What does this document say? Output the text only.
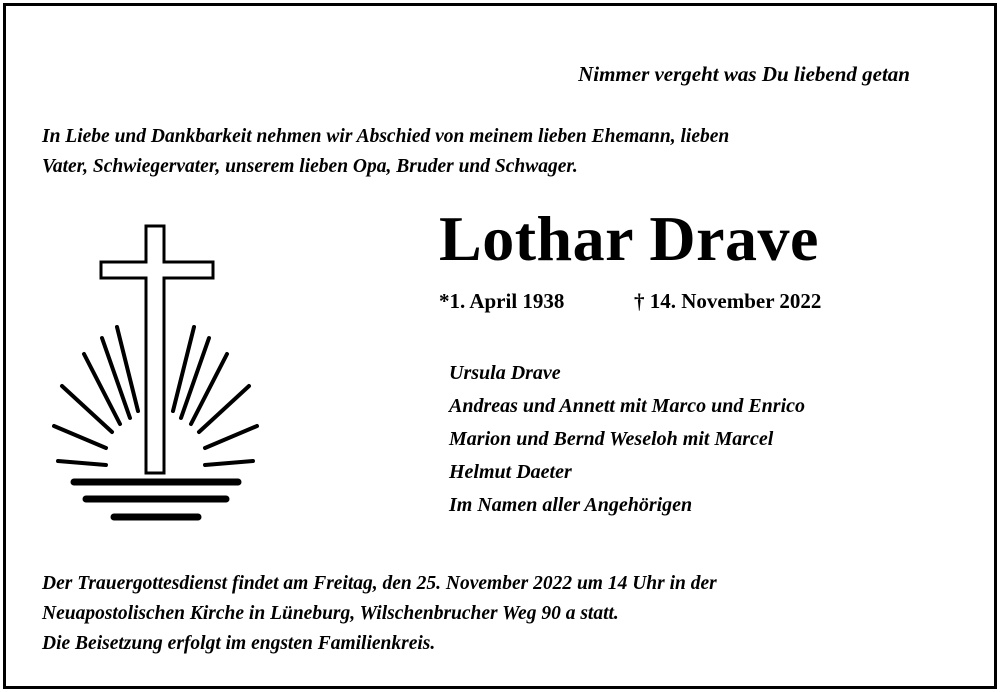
Nimmer vergeht was Du liebend getan
In Liebe und Dankbarkeit nehmen wir Abschied von meinem lieben Ehemann, lieben
Vater, Schwiegervater, unserem lieben Opa, Bruder und Schwager.
Lothar Drave
*1. April 1938	† 14. November 2022
Ursula Drave
Andreas und Annett mit Marco und Enrico
Marion und Bernd Weseloh mit Marcel
Helmut Daeter
Im Namen aller Angehörigen
Der Trauergottesdienst findet am Freitag, den 25. November 2022 um 14 Uhr in der
Neuapostolischen Kirche in Lüneburg, Wilschenbrucher Weg 90 a statt.
Die Beisetzung erfolgt im engsten Familienkreis.
